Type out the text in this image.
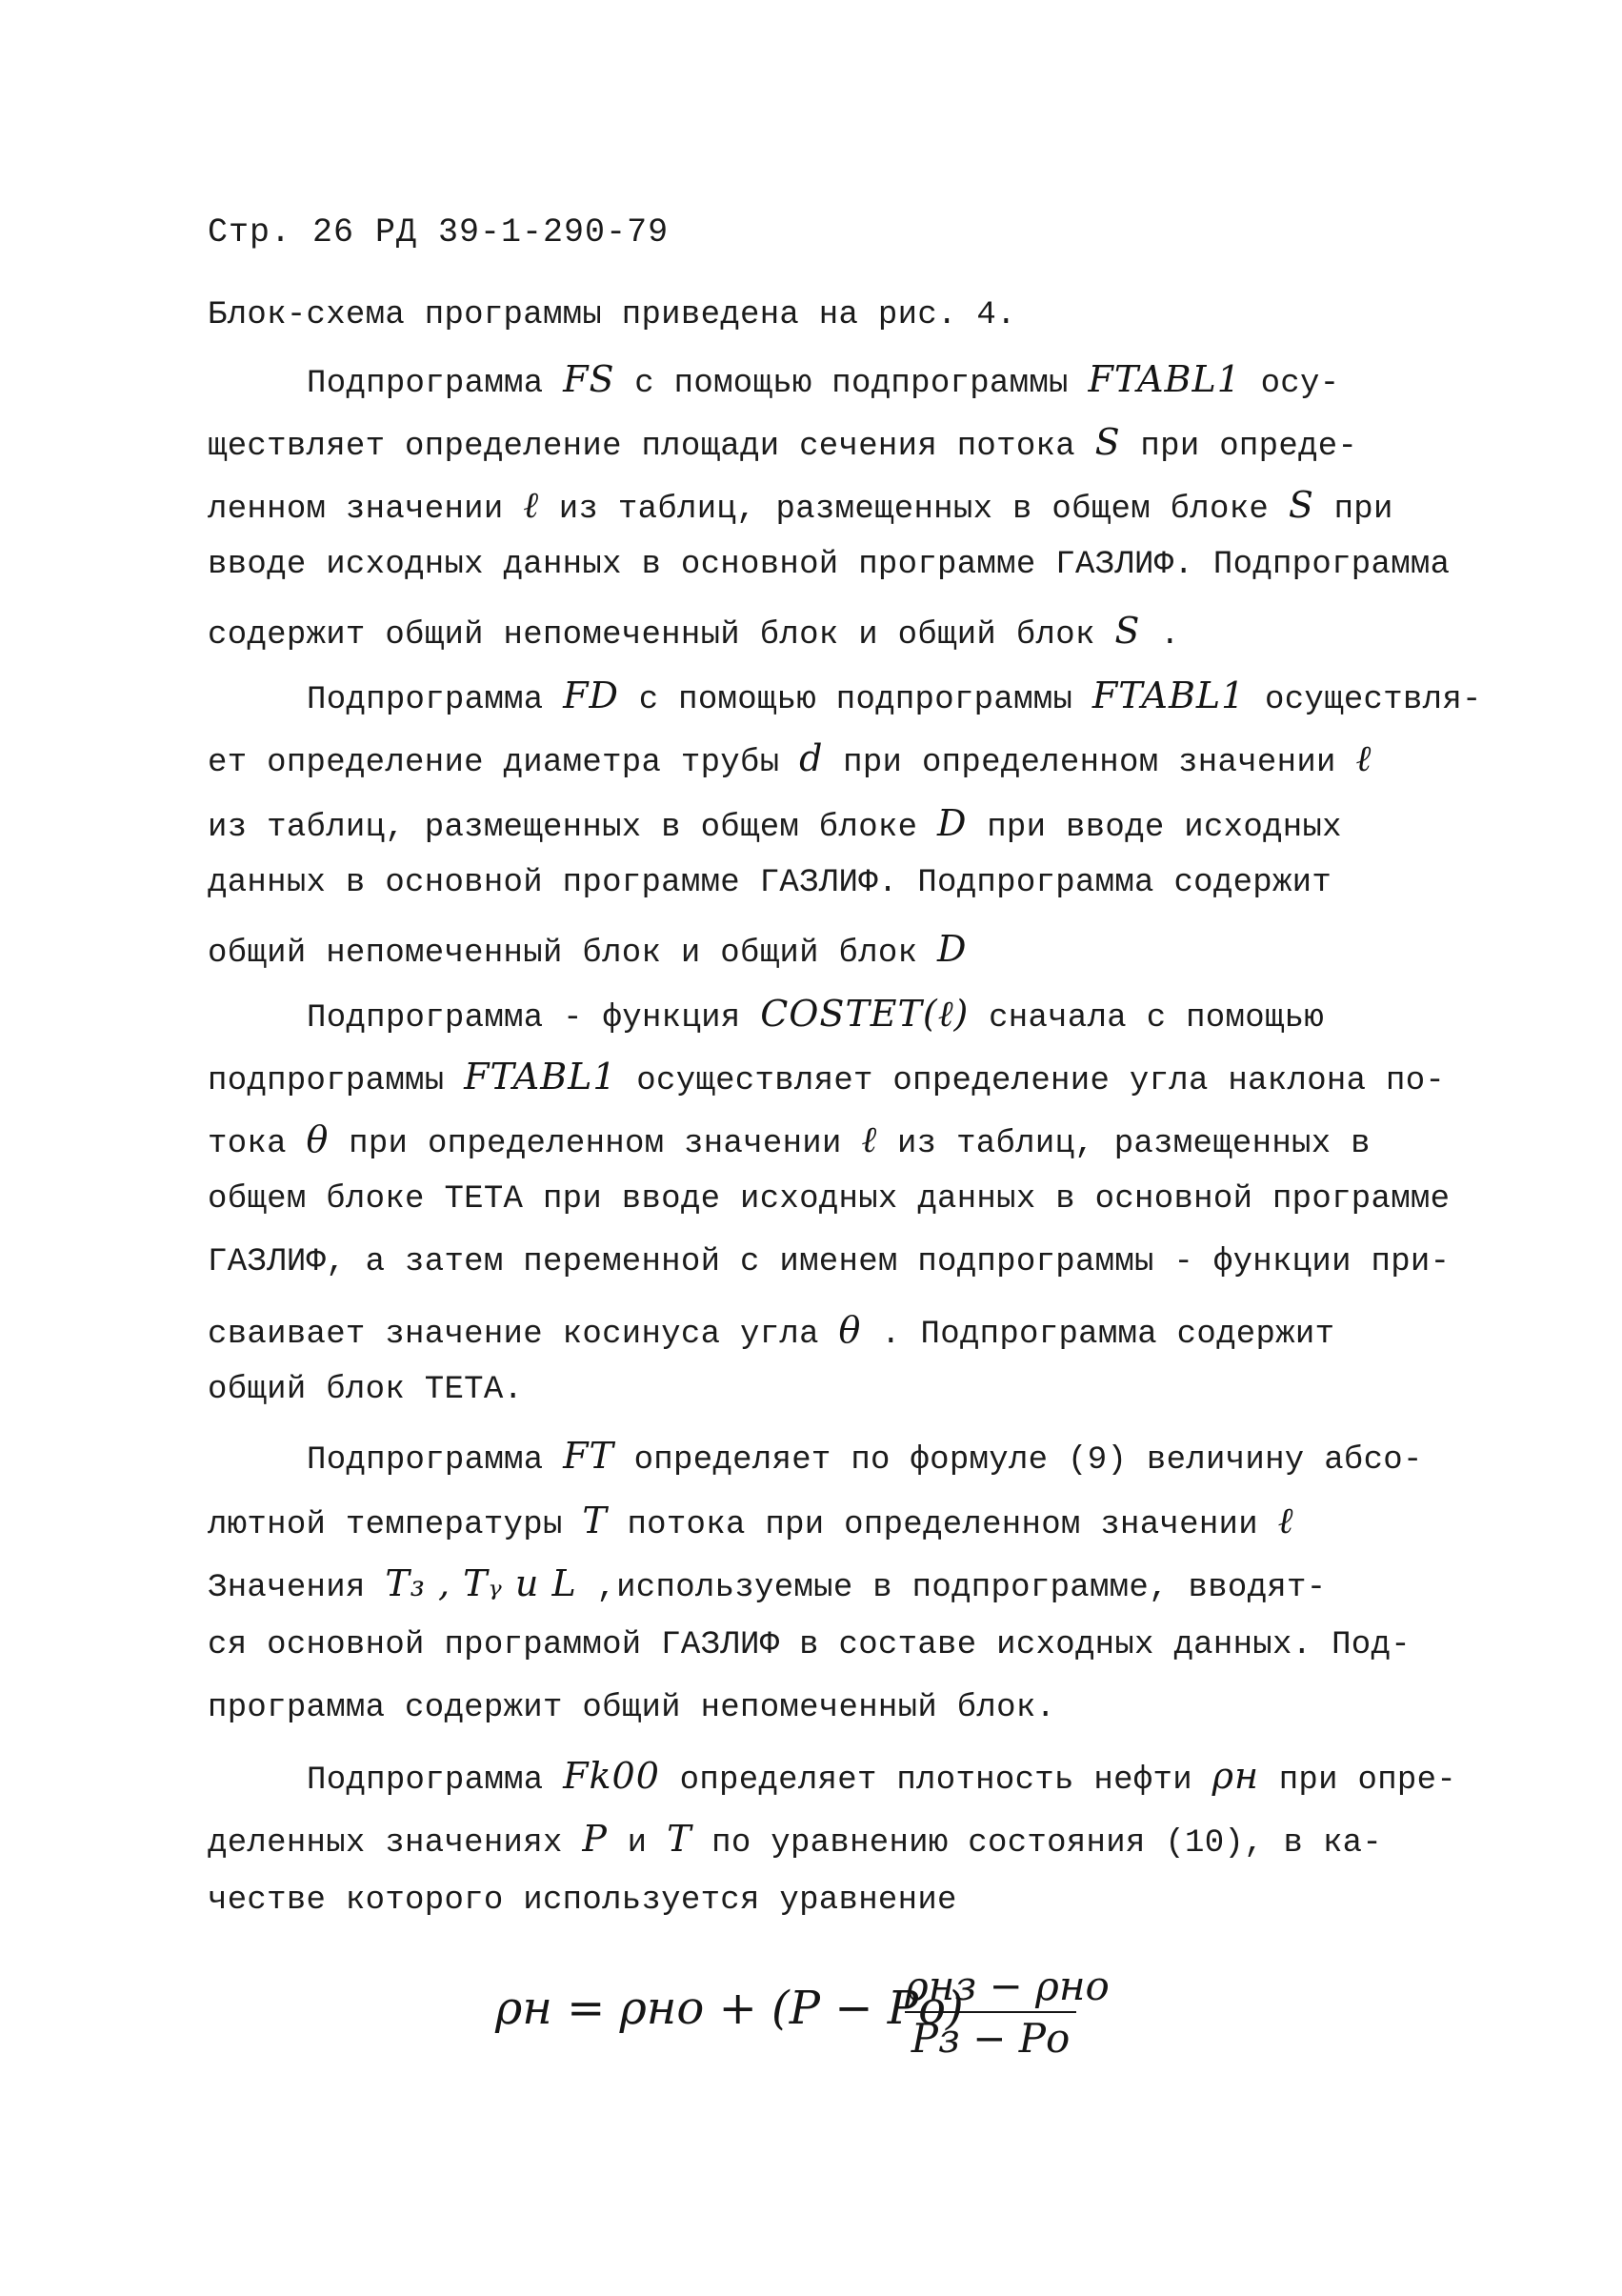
Стр. 26 РД 39-1-290-79
Блок-схема программы приведена на рис. 4.
Подпрограмма FS с помощью подпрограммы FTABL1 осу-
ществляет определение площади сечения потока S при опреде-
ленном значении ℓ из таблиц, размещенных в общем блоке S при
вводе исходных данных в основной программе ГАЗЛИФ. Подпрограмма
содержит общий непомеченный блок и общий блок S .
Подпрограмма FD с помощью подпрограммы FTABL1 осуществля-
ет определение диаметра трубы d при определенном значении ℓ
из таблиц, размещенных в общем блоке D при вводе исходных
данных в основной программе ГАЗЛИФ. Подпрограмма содержит
общий непомеченный блок и общий блок D
Подпрограмма - функция COSTET(ℓ) сначала с помощью
подпрограммы FTABL1 осуществляет определение угла наклона по-
тока θ при определенном значении ℓ из таблиц, размещенных в
общем блоке ТЕТА при вводе исходных данных в основной программе
ГАЗЛИФ, а затем переменной с именем подпрограммы - функции при-
сваивает значение косинуса угла θ . Подпрограмма содержит
общий блок ТЕТА.
Подпрограмма FT определяет по формуле (9) величину абсо-
лютной температуры T потока при определенном значении ℓ
Значения T₃ , Tᵧ и L ,используемые в подпрограмме, вводят-
ся основной программой ГАЗЛИФ в составе исходных данных. Под-
программа содержит общий непомеченный блок.
Подпрограмма Fk00 определяет плотность нефти ρн при опре-
деленных значениях P и T по уравнению состояния (10), в ка-
честве которого используется уравнение
ρн = ρно + (P − Pо)
ρнз − ρно
Pз − Pо
